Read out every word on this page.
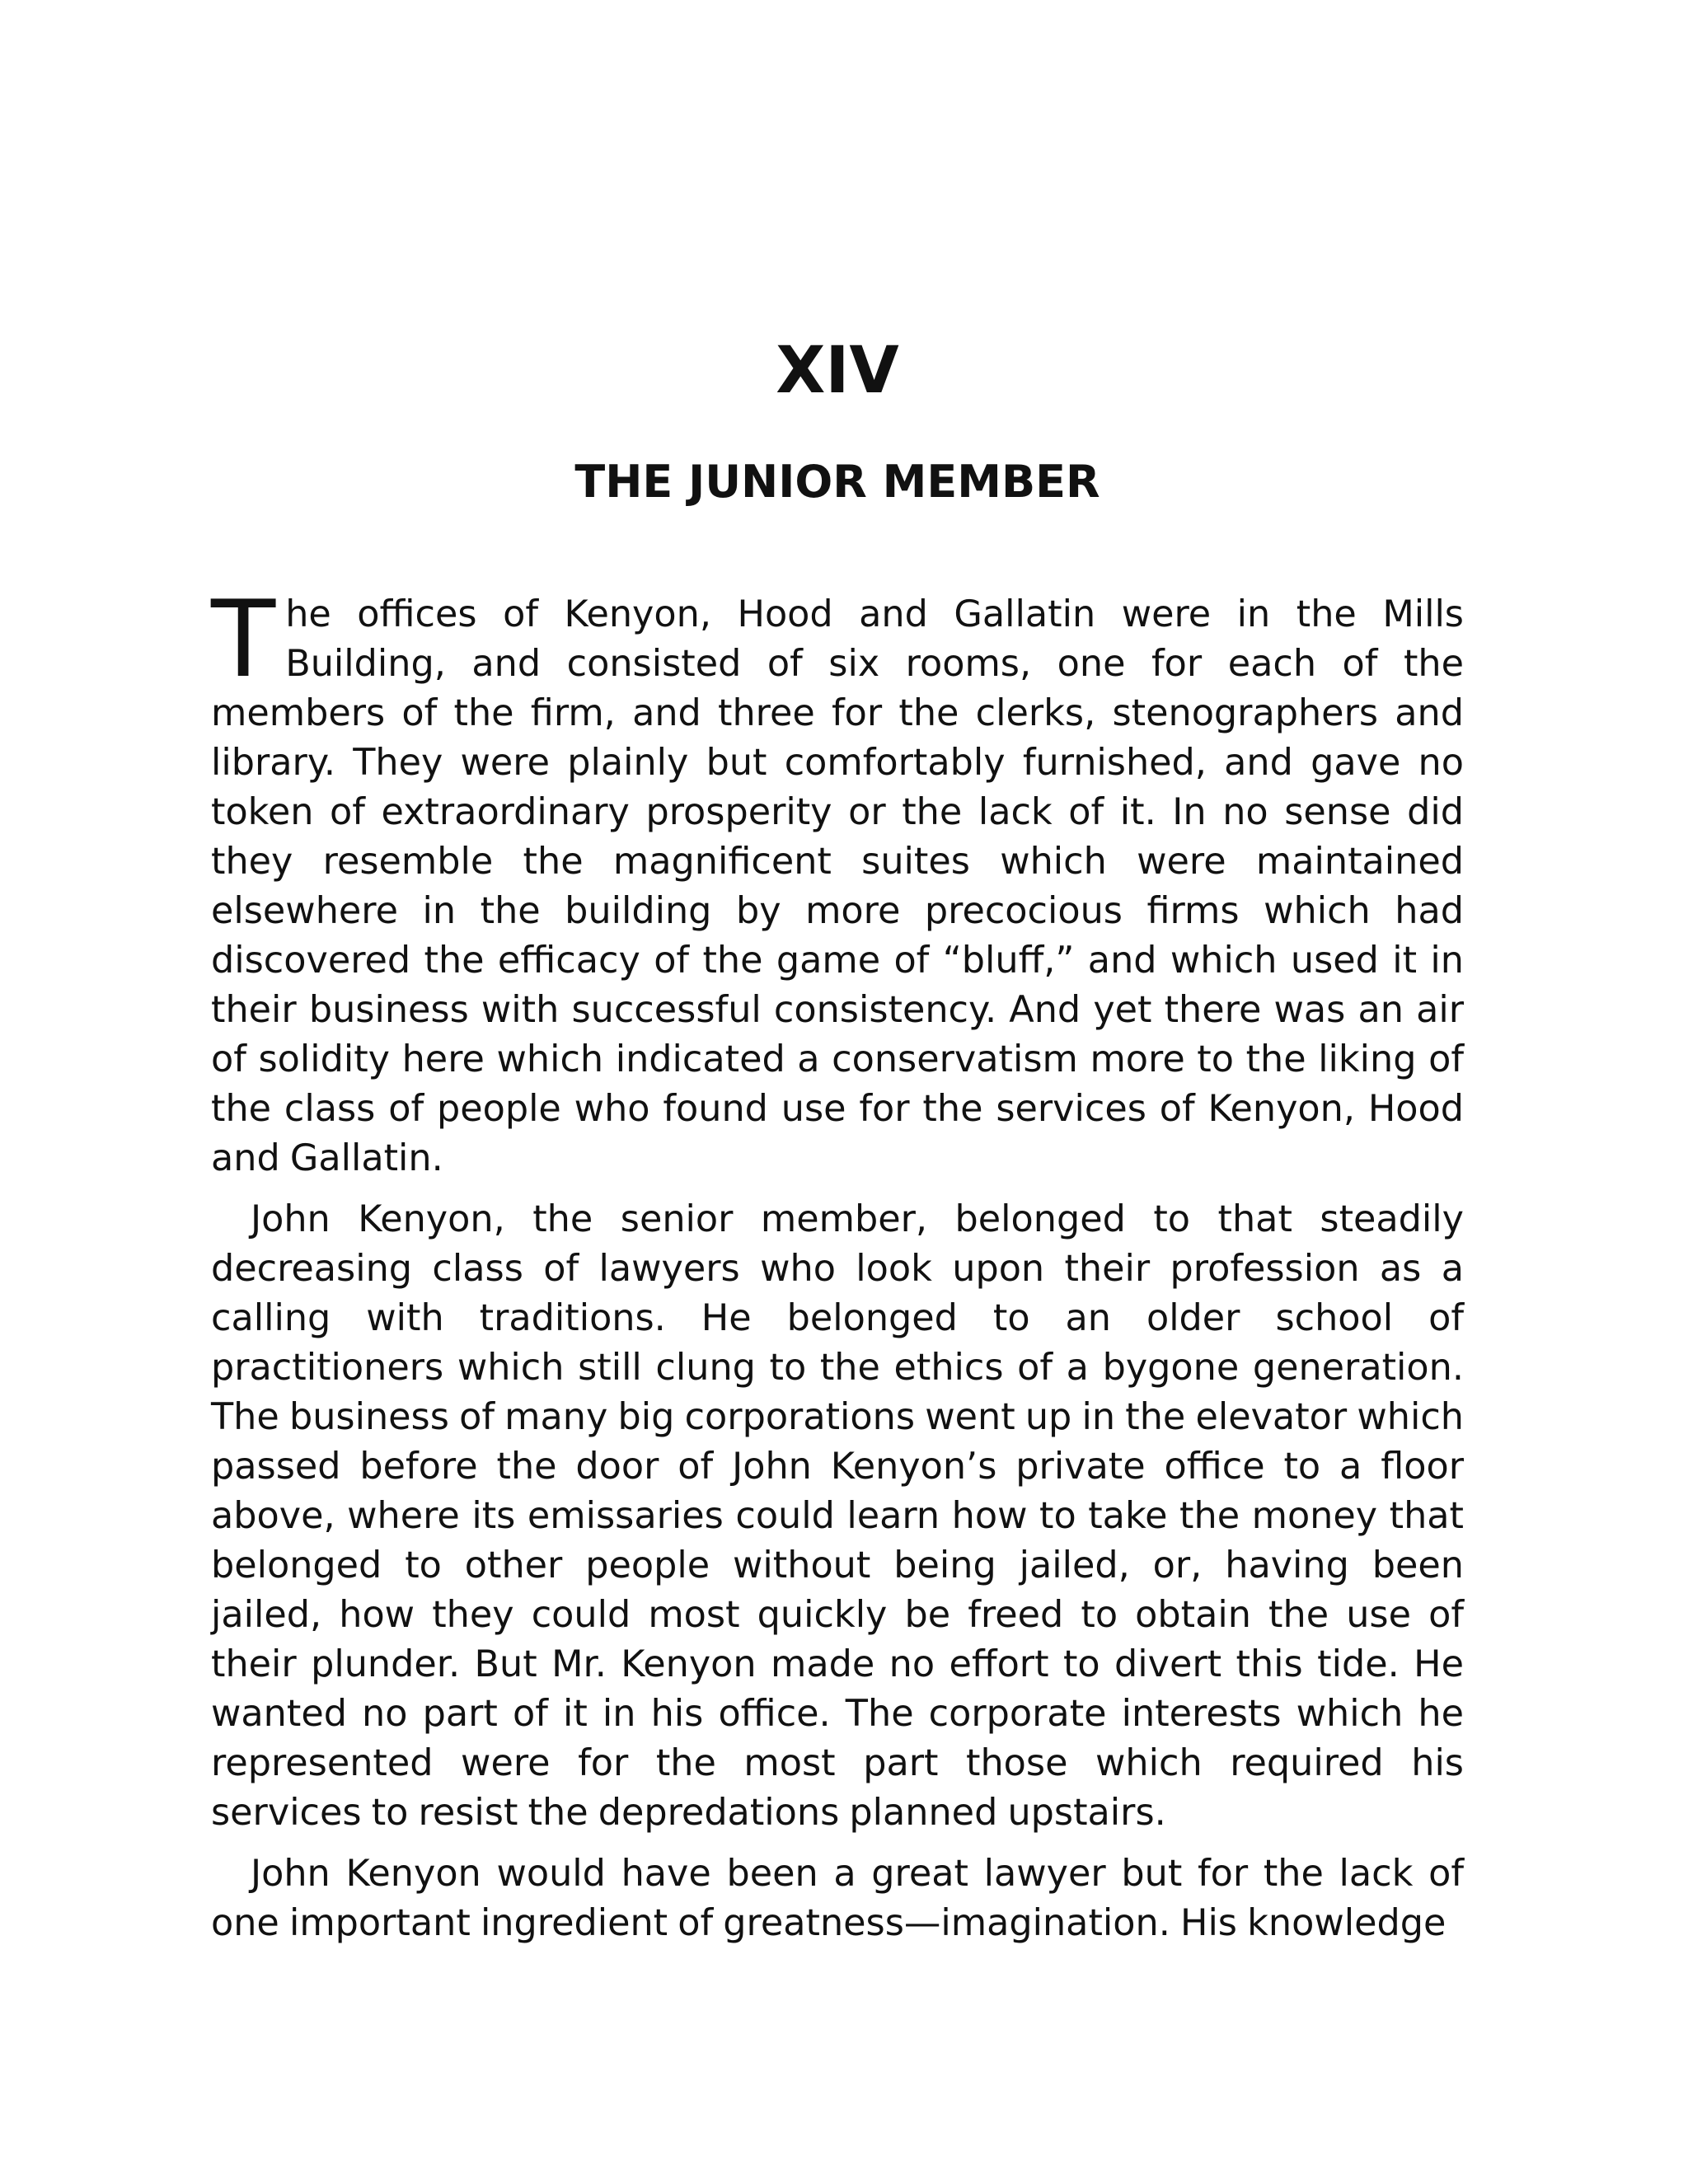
XIV
THE JUNIOR MEMBER

The offices of Kenyon, Hood and Gallatin were in the Mills Building, and consisted of six rooms, one for each of the members of the firm, and three for the clerks, stenographers and library. They were plainly but comfortably furnished, and gave no token of extraordinary prosperity or the lack of it. In no sense did they resemble the magnificent suites which were maintained elsewhere in the building by more precocious firms which had discovered the efficacy of the game of “bluff,” and which used it in their business with successful consistency. And yet there was an air of solidity here which indicated a conservatism more to the liking of the class of people who found use for the services of Kenyon, Hood and Gallatin.

John Kenyon, the senior member, belonged to that steadily decreasing class of lawyers who look upon their profession as a calling with traditions. He belonged to an older school of practitioners which still clung to the ethics of a bygone generation. The business of many big corporations went up in the elevator which passed before the door of John Kenyon’s private office to a floor above, where its emissaries could learn how to take the money that belonged to other people without being jailed, or, having been jailed, how they could most quickly be freed to obtain the use of their plunder. But Mr. Kenyon made no effort to divert this tide. He wanted no part of it in his office. The corporate interests which he represented were for the most part those which required his services to resist the depredations planned upstairs.

John Kenyon would have been a great lawyer but for the lack of one important ingredient of greatness—imagination. His knowledge
